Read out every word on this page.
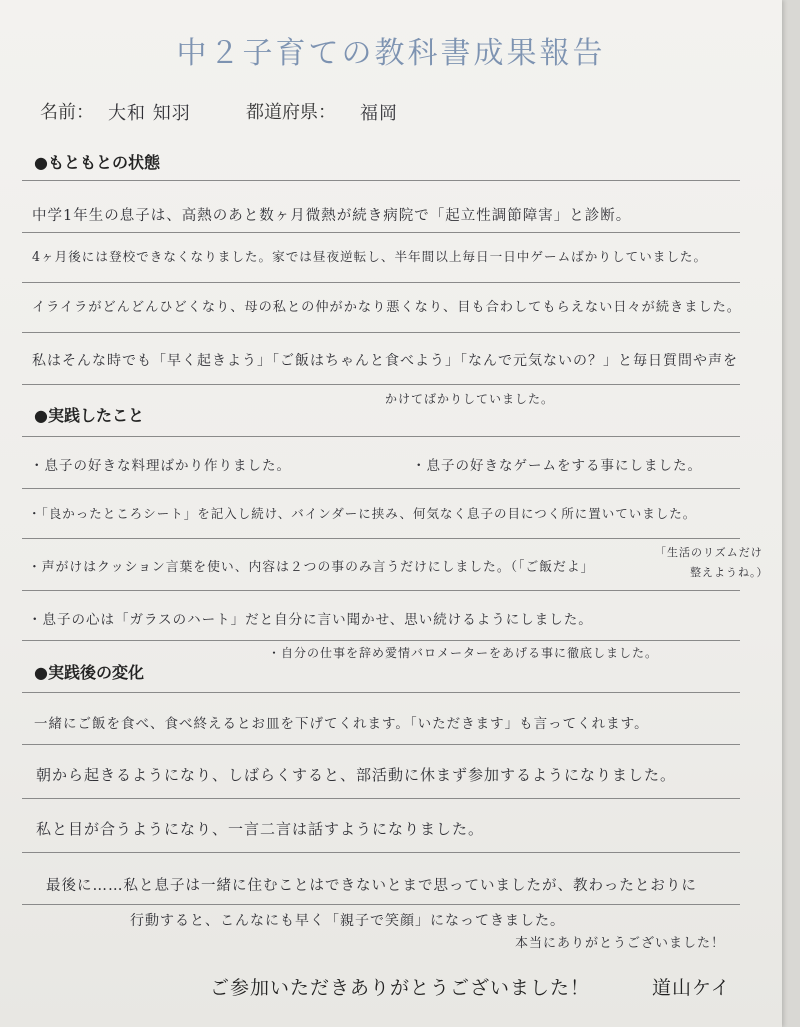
中２子育ての教科書成果報告
名前： 大和 知羽	都道府県： 福岡
●もともとの状態
中学1年生の息子は、高熱のあと数ヶ月微熱が続き病院で「起立性調節障害」と診断。
4ヶ月後には登校できなくなりました。家では昼夜逆転し、半年間以上毎日一日中ゲームばかりしていました。
イライラがどんどんひどくなり、母の私との仲がかなり悪くなり、目も合わしてもらえない日々が続きました。
私はそんな時でも「早く起きよう」「ご飯はちゃんと食べよう」「なんで元気ないの？」と毎日質問や声を
かけてばかりしていました。
●実践したこと
・息子の好きな料理ばかり作りました。	・息子の好きなゲームをする事にしました。
・「良かったところシート」を記入し続け、バインダーに挟み、何気なく息子の目につく所に置いていました。
・声がけはクッション言葉を使い、内容は２つの事のみ言うだけにしました。（「ご飯だよ」
「生活のリズムだけ
整えようね。）
・息子の心は「ガラスのハート」だと自分に言い聞かせ、思い続けるようにしました。
・自分の仕事を辞め愛情バロメーターをあげる事に徹底しました。
●実践後の変化
一緒にご飯を食べ、食べ終えるとお皿を下げてくれます。「いただきます」も言ってくれます。
朝から起きるようになり、しばらくすると、部活動に休まず参加するようになりました。
私と目が合うようになり、一言二言は話すようになりました。
最後に……私と息子は一緒に住むことはできないとまで思っていましたが、教わったとおりに
行動すると、こんなにも早く「親子で笑顔」になってきました。
本当にありがとうございました！
ご参加いただきありがとうございました！	道山ケイ
